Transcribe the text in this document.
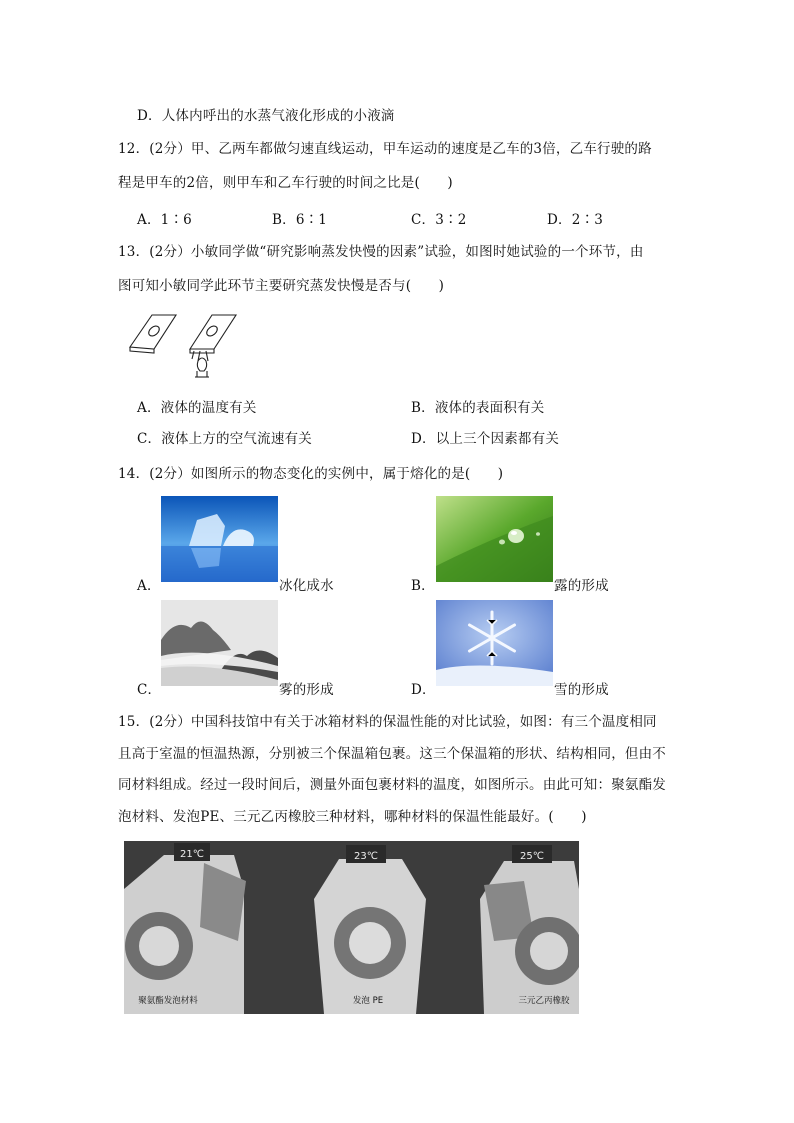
D．人体内呼出的水蒸气液化形成的小液滴
12．(2分）甲、乙两车都做匀速直线运动，甲车运动的速度是乙车的3倍，乙车行驶的路
程是甲车的2倍，则甲车和乙车行驶的时间之比是(　　)
A．1∶6	B．6∶1	C．3∶2	D．2∶3
13．(2分）小敏同学做“研究影响蒸发快慢的因素”试验，如图时她试验的一个环节，由
图可知小敏同学此环节主要研究蒸发快慢是否与(　　)
A．液体的温度有关	B．液体的表面积有关
C．液体上方的空气流速有关	D．以上三个因素都有关
14．(2分）如图所示的物态变化的实例中，属于熔化的是(　　)
A．	冰化成水	B．	露的形成
C．	雾的形成	D．	雪的形成
15．(2分）中国科技馆中有关于冰箱材料的保温性能的对比试验，如图：有三个温度相同
且高于室温的恒温热源，分别被三个保温箱包裹。这三个保温箱的形状、结构相同，但由不
同材料组成。经过一段时间后，测量外面包裹材料的温度，如图所示。由此可知：聚氨酯发
泡材料、发泡PE、三元乙丙橡胶三种材料，哪种材料的保温性能最好。(　　)
21℃	23℃	25℃
聚氨酯发泡材料	发泡 PE	三元乙丙橡胶
